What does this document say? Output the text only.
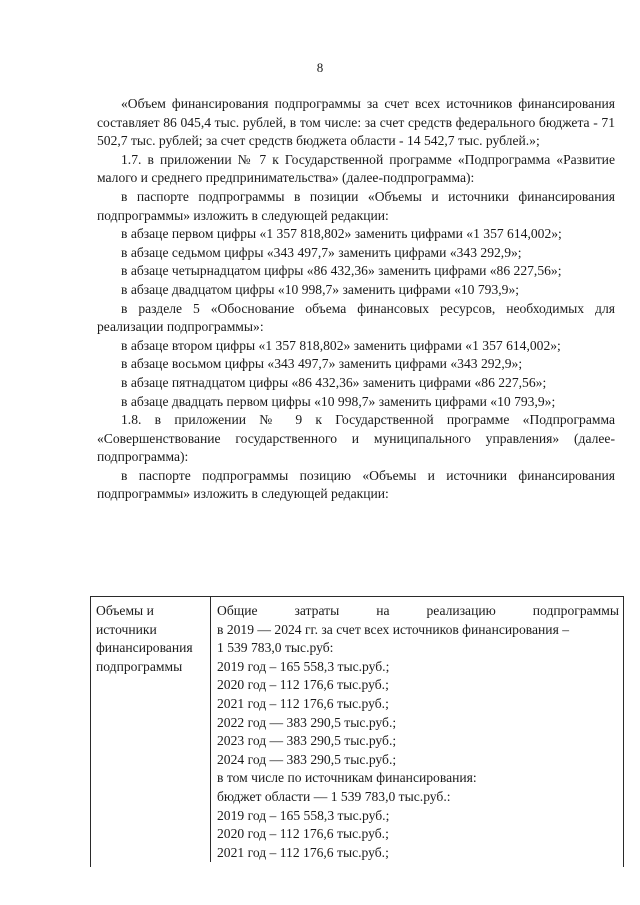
8

«Объем финансирования подпрограммы за счет всех источников финансирования составляет 86 045,4 тыс. рублей, в том числе: за счет средств федерального бюджета - 71 502,7 тыс. рублей; за счет средств бюджета области - 14 542,7 тыс. рублей.»;

1.7. в приложении № 7 к Государственной программе «Подпрограмма «Развитие малого и среднего предпринимательства» (далее-подпрограмма):

в паспорте подпрограммы в позиции «Объемы и источники финансирования подпрограммы» изложить в следующей редакции:

в абзаце первом цифры «1 357 818,802» заменить цифрами «1 357 614,002»;

в абзаце седьмом цифры «343 497,7» заменить цифрами «343 292,9»;

в абзаце четырнадцатом цифры «86 432,36» заменить цифрами «86 227,56»;

в абзаце двадцатом цифры «10 998,7» заменить цифрами «10 793,9»;

в разделе 5 «Обоснование объема финансовых ресурсов, необходимых для реализации подпрограммы»:

в абзаце втором цифры «1 357 818,802» заменить цифрами «1 357 614,002»;

в абзаце восьмом цифры «343 497,7» заменить цифрами «343 292,9»;

в абзаце пятнадцатом цифры «86 432,36» заменить цифрами «86 227,56»;

в абзаце двадцать первом цифры «10 998,7» заменить цифрами «10 793,9»;

1.8. в приложении № 9 к Государственной программе «Подпрограмма «Совершенствование государственного и муниципального управления» (далее-подпрограмма):

в паспорте подпрограммы позицию «Объемы и источники финансирования подпрограммы» изложить в следующей редакции:

Объемы и
источники
финансирования
подпрограммы

Общие затраты на реализацию подпрограммы
в 2019 — 2024 гг. за счет всех источников финансирования –
1 539 783,0 тыс.руб:
2019 год – 165 558,3 тыс.руб.;
2020 год – 112 176,6 тыс.руб.;
2021 год – 112 176,6 тыс.руб.;
2022 год — 383 290,5 тыс.руб.;
2023 год — 383 290,5 тыс.руб.;
2024 год — 383 290,5 тыс.руб.;
в том числе по источникам финансирования:
бюджет области — 1 539 783,0 тыс.руб.:
2019 год – 165 558,3 тыс.руб.;
2020 год – 112 176,6 тыс.руб.;
2021 год – 112 176,6 тыс.руб.;
